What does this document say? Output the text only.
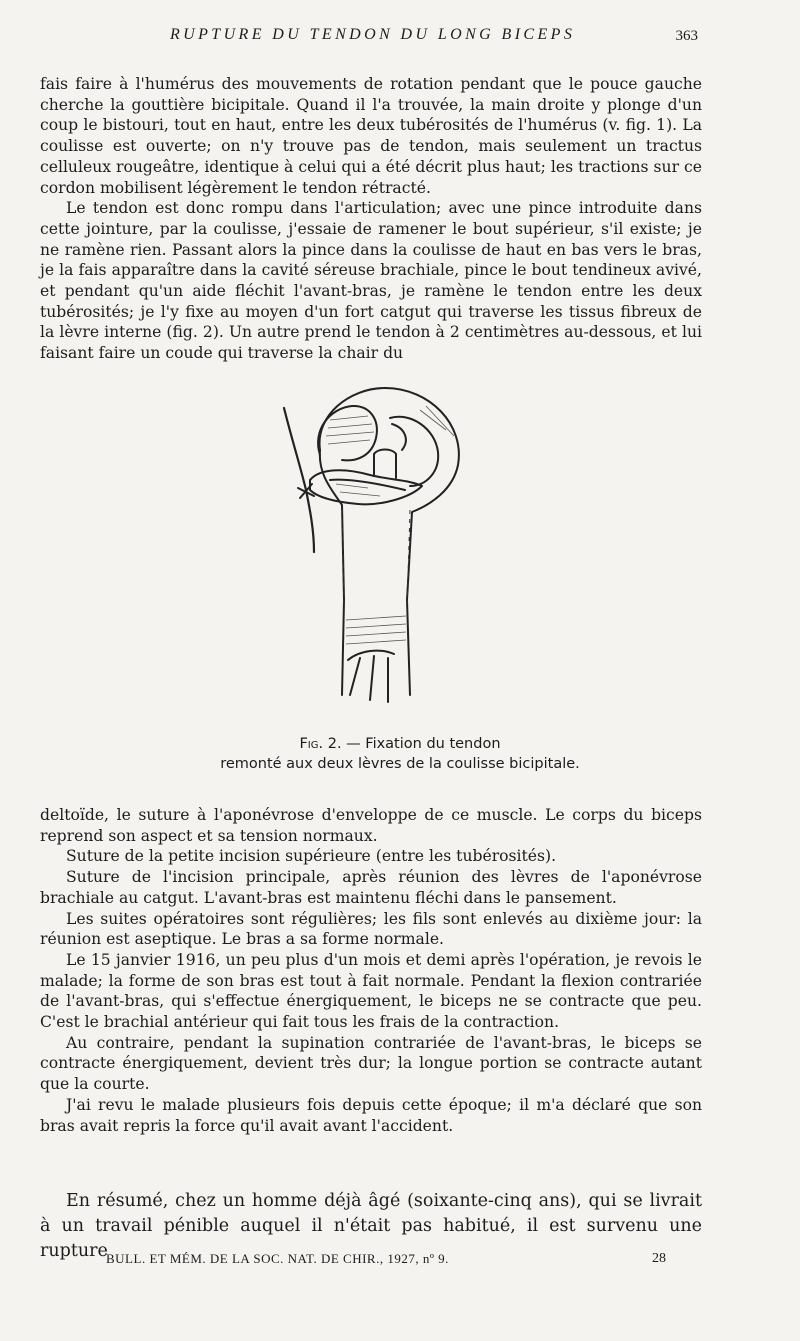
RUPTURE DU TENDON DU LONG BICEPS	363

fais faire à l'humérus des mouvements de rotation pendant que le pouce gauche cherche la gouttière bicipitale. Quand il l'a trouvée, la main droite y plonge d'un coup le bistouri, tout en haut, entre les deux tubérosités de l'humérus (v. fig. 1). La coulisse est ouverte; on n'y trouve pas de tendon, mais seulement un tractus celluleux rougeâtre, identique à celui qui a été décrit plus haut; les tractions sur ce cordon mobilisent légèrement le tendon rétracté.

Le tendon est donc rompu dans l'articulation; avec une pince introduite dans cette jointure, par la coulisse, j'essaie de ramener le bout supérieur, s'il existe; je ne ramène rien. Passant alors la pince dans la coulisse de haut en bas vers le bras, je la fais apparaître dans la cavité séreuse brachiale, pince le bout tendineux avivé, et pendant qu'un aide fléchit l'avant-bras, je ramène le tendon entre les deux tubérosités; je l'y fixe au moyen d'un fort catgut qui traverse les tissus fibreux de la lèvre interne (fig. 2). Un autre prend le tendon à 2 centimètres au-dessous, et lui faisant faire un coude qui traverse la chair du

Fig. 2. — Fixation du tendon
remonté aux deux lèvres de la coulisse bicipitale.

deltoïde, le suture à l'aponévrose d'enveloppe de ce muscle. Le corps du biceps reprend son aspect et sa tension normaux.

Suture de la petite incision supérieure (entre les tubérosités).

Suture de l'incision principale, après réunion des lèvres de l'aponévrose brachiale au catgut. L'avant-bras est maintenu fléchi dans le pansement.

Les suites opératoires sont régulières; les fils sont enlevés au dixième jour: la réunion est aseptique. Le bras a sa forme normale.

Le 15 janvier 1916, un peu plus d'un mois et demi après l'opération, je revois le malade; la forme de son bras est tout à fait normale. Pendant la flexion contrariée de l'avant-bras, qui s'effectue énergiquement, le biceps ne se contracte que peu. C'est le brachial antérieur qui fait tous les frais de la contraction.

Au contraire, pendant la supination contrariée de l'avant-bras, le biceps se contracte énergiquement, devient très dur; la longue portion se contracte autant que la courte.

J'ai revu le malade plusieurs fois depuis cette époque; il m'a déclaré que son bras avait repris la force qu'il avait avant l'accident.

En résumé, chez un homme déjà âgé (soixante-cinq ans), qui se livrait à un travail pénible auquel il n'était pas habitué, il est survenu une rupture

BULL. ET MÉM. DE LA SOC. NAT. DE CHIR., 1927, nº 9.	28
